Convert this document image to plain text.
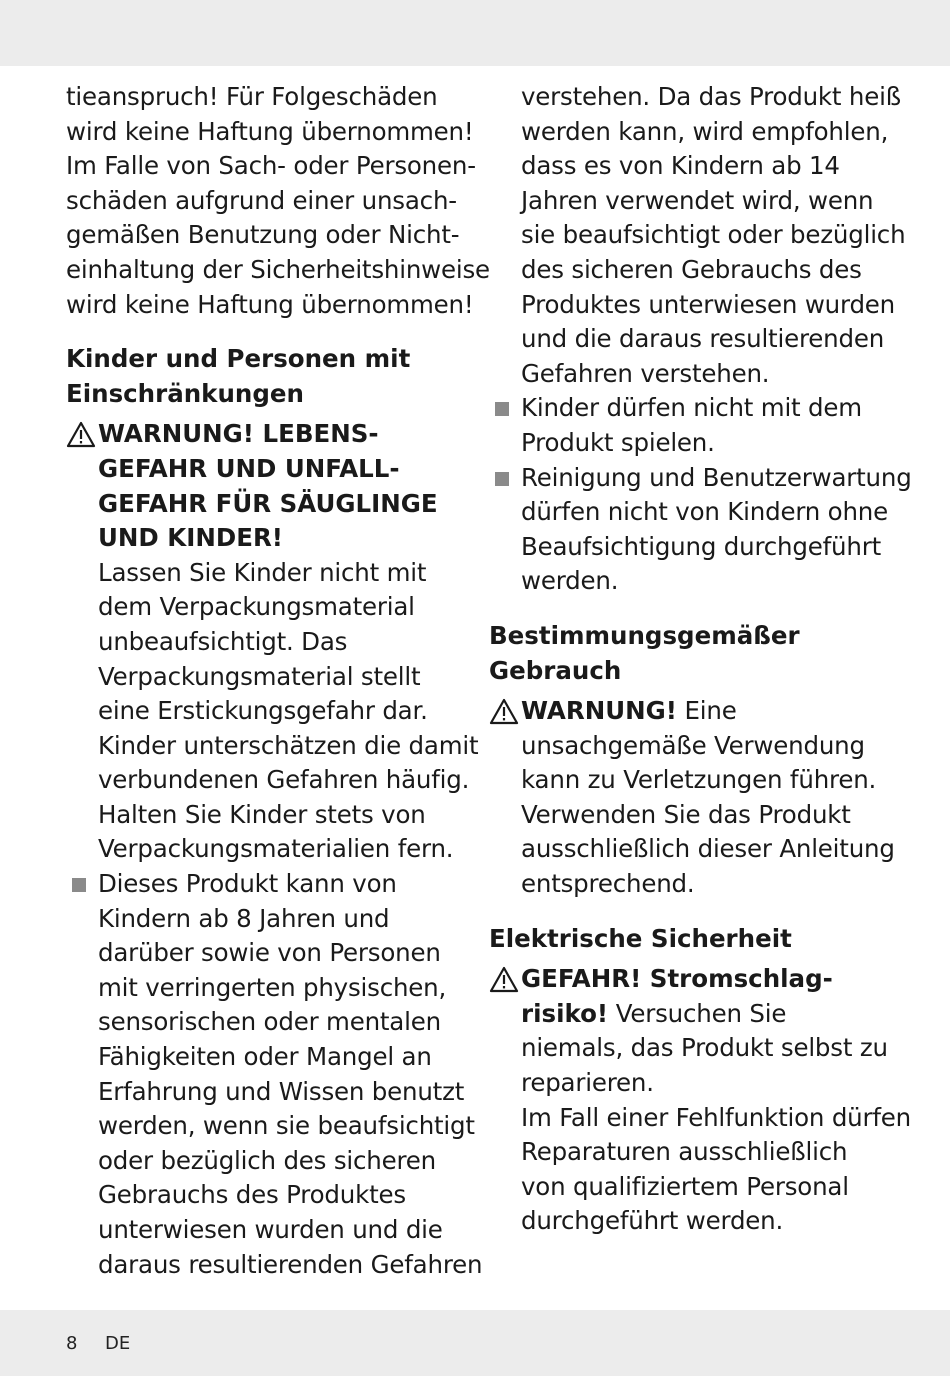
tieanspruch! Für Folgeschäden
wird keine Haftung übernommen!
Im Falle von Sach- oder Personen-
schäden aufgrund einer unsach-
gemäßen Benutzung oder Nicht-
einhaltung der Sicherheitshinweise
wird keine Haftung übernommen!
Kinder und Personen mit
Einschränkungen
WARNUNG! LEBENS-
GEFAHR UND UNFALL-
GEFAHR FÜR SÄUGLINGE
UND KINDER!
Lassen Sie Kinder nicht mit
dem Verpackungsmaterial
unbeaufsichtigt. Das
Verpackungsmaterial stellt
eine Erstickungsgefahr dar.
Kinder unterschätzen die damit
verbundenen Gefahren häufig.
Halten Sie Kinder stets von
Verpackungsmaterialien fern.
Dieses Produkt kann von
Kindern ab 8 Jahren und
darüber sowie von Personen
mit verringerten physischen,
sensorischen oder mentalen
Fähigkeiten oder Mangel an
Erfahrung und Wissen benutzt
werden, wenn sie beaufsichtigt
oder bezüglich des sicheren
Gebrauchs des Produktes
unterwiesen wurden und die
daraus resultierenden Gefahren
verstehen. Da das Produkt heiß
werden kann, wird empfohlen,
dass es von Kindern ab 14
Jahren verwendet wird, wenn
sie beaufsichtigt oder bezüglich
des sicheren Gebrauchs des
Produktes unterwiesen wurden
und die daraus resultierenden
Gefahren verstehen.
Kinder dürfen nicht mit dem
Produkt spielen.
Reinigung und Benutzerwartung
dürfen nicht von Kindern ohne
Beaufsichtigung durchgeführt
werden.
Bestimmungsgemäßer
Gebrauch
WARNUNG! Eine
unsachgemäße Verwendung
kann zu Verletzungen führen.
Verwenden Sie das Produkt
ausschließlich dieser Anleitung
entsprechend.
Elektrische Sicherheit
GEFAHR! Stromschlag-
risiko! Versuchen Sie
niemals, das Produkt selbst zu
reparieren.
Im Fall einer Fehlfunktion dürfen
Reparaturen ausschließlich
von qualifiziertem Personal
durchgeführt werden.
8 DE
